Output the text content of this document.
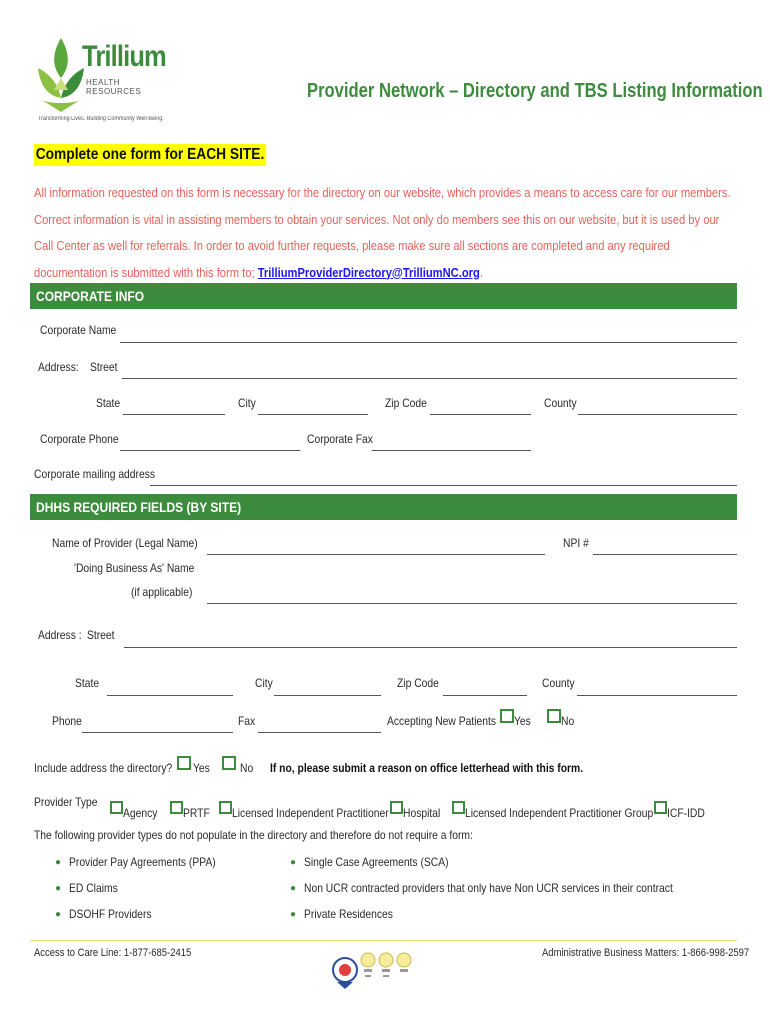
Trillium
HEALTH RESOURCES
Transforming Lives. Building Community Well-Being.
Provider Network – Directory and TBS Listing Information
Complete one form for EACH SITE.
All information requested on this form is necessary for the directory on our website, which provides a means to access care for our members. Correct information is vital in assisting members to obtain your services. Not only do members see this on our website, but it is used by our Call Center as well for referrals. In order to avoid further requests, please make sure all sections are completed and any required documentation is submitted with this form to; TrilliumProviderDirectory@TrilliumNC.org.
CORPORATE INFO
Corporate Name
Address: Street
State	City	Zip Code	County
Corporate Phone	Corporate Fax
Corporate mailing address
DHHS REQUIRED FIELDS (BY SITE)
Name of Provider (Legal Name)	NPI #
'Doing Business As' Name
(if applicable)
Address : Street
State	City	Zip Code	County
Phone	Fax	Accepting New Patients Yes	No
Include address the directory? Yes	No If no, please submit a reason on office letterhead with this form.
Provider Type
Agency PRTF Licensed Independent Practitioner Hospital Licensed Independent Practitioner Group ICF-IDD
The following provider types do not populate in the directory and therefore do not require a form:
● Provider Pay Agreements (PPA)
● ED Claims
● DSOHF Providers
● Single Case Agreements (SCA)
● Non UCR contracted providers that only have Non UCR services in their contract
● Private Residences
Access to Care Line: 1-877-685-2415	Administrative Business Matters: 1-866-998-2597
